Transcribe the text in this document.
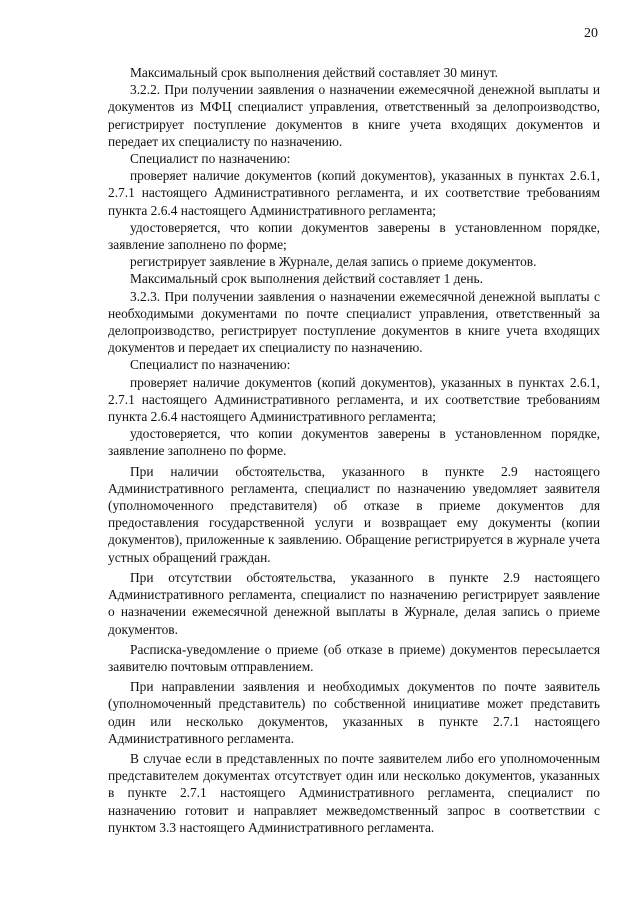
20

Максимальный срок выполнения действий составляет 30 минут.

3.2.2. При получении заявления о назначении ежемесячной денежной выплаты и документов из МФЦ специалист управления, ответственный за делопроизводство, регистрирует поступление документов в книге учета входящих документов и передает их специалисту по назначению.

Специалист по назначению:

проверяет наличие документов (копий документов), указанных в пунктах 2.6.1, 2.7.1 настоящего Административного регламента, и их соответствие требованиям пункта 2.6.4 настоящего Административного регламента;

удостоверяется, что копии документов заверены в установленном порядке, заявление заполнено по форме;

регистрирует заявление в Журнале, делая запись о приеме документов.

Максимальный срок выполнения действий составляет 1 день.

3.2.3. При получении заявления о назначении ежемесячной денежной выплаты с необходимыми документами по почте специалист управления, ответственный за делопроизводство, регистрирует поступление документов в книге учета входящих документов и передает их специалисту по назначению.

Специалист по назначению:

проверяет наличие документов (копий документов), указанных в пунктах 2.6.1, 2.7.1 настоящего Административного регламента, и их соответствие требованиям пункта 2.6.4 настоящего Административного регламента;

удостоверяется, что копии документов заверены в установленном порядке, заявление заполнено по форме.

При наличии обстоятельства, указанного в пункте 2.9 настоящего Административного регламента, специалист по назначению уведомляет заявителя (уполномоченного представителя) об отказе в приеме документов для предоставления государственной услуги и возвращает ему документы (копии документов), приложенные к заявлению. Обращение регистрируется в журнале учета устных обращений граждан.

При отсутствии обстоятельства, указанного в пункте 2.9 настоящего Административного регламента, специалист по назначению регистрирует заявление о назначении ежемесячной денежной выплаты в Журнале, делая запись о приеме документов.

Расписка-уведомление о приеме (об отказе в приеме) документов пересылается заявителю почтовым отправлением.

При направлении заявления и необходимых документов по почте заявитель (уполномоченный представитель) по собственной инициативе может представить один или несколько документов, указанных в пункте 2.7.1 настоящего Административного регламента.

В случае если в представленных по почте заявителем либо его уполномоченным представителем документах отсутствует один или несколько документов, указанных в пункте 2.7.1 настоящего Административного регламента, специалист по назначению готовит и направляет межведомственный запрос в соответствии с пунктом 3.3 настоящего Административного регламента.
